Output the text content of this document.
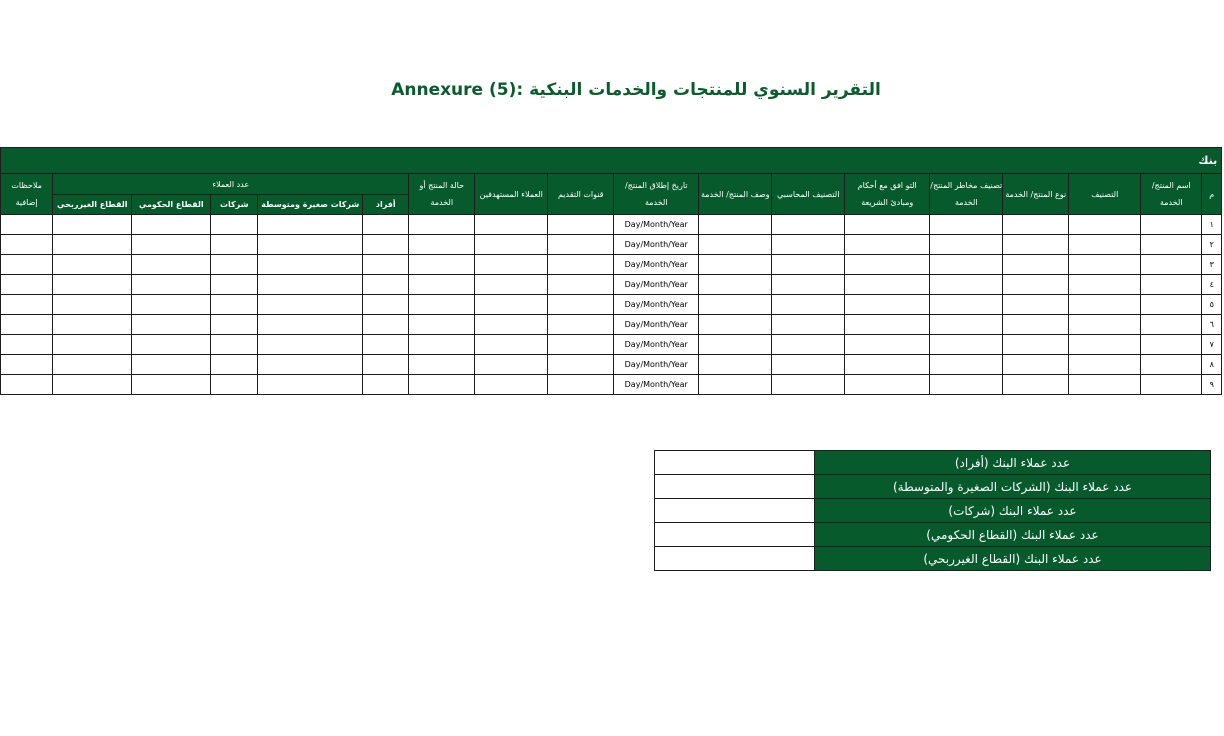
التقرير السنوي للمنتجات والخدمات البنكية :(5) Annexure
بنك																	
م	اسم المنتج/ الخدمة	التصنيف	نوع المنتج/ الخدمة	تصنيف مخاطر المنتج/الخدمة	التو افق مع أحكام ومبادئ الشريعة	التصنيف المحاسبي	وصف المنتج/ الخدمة	تاريخ إطلاق المنتج/ الخدمة	قنوات التقديم	العملاء المستهدفين	حالة المنتج أو الخدمة	عدد العملاء					ملاحظات إضافية
												أفراد	شركات صغيرة ومتوسطة	شركات	القطاع الحكومي	القطاع الغيرربحي	
١								Day/Month/Year									
٢								Day/Month/Year									
٣								Day/Month/Year									
٤								Day/Month/Year									
٥								Day/Month/Year									
٦								Day/Month/Year									
٧								Day/Month/Year									
٨								Day/Month/Year									
٩								Day/Month/Year									
	عدد عملاء البنك (أفراد)
	عدد عملاء البنك (الشركات الصغيرة والمتوسطة)
	عدد عملاء البنك (شركات)
	عدد عملاء البنك (القطاع الحكومي)
	عدد عملاء البنك (القطاع الغيرربحي)
